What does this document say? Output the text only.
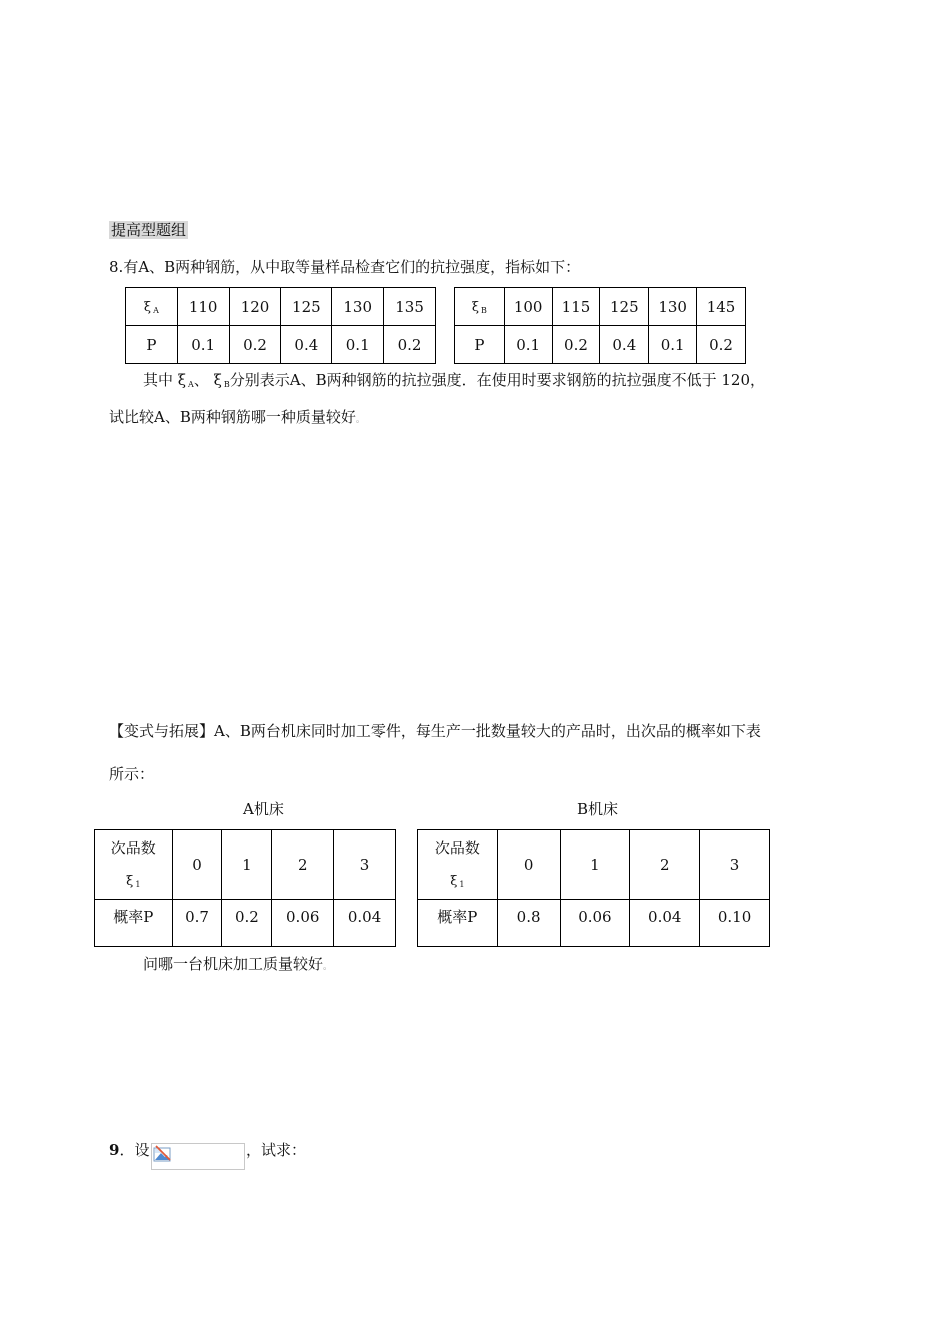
提高型题组
8.有A、B两种钢筋，从中取等量样品检查它们的抗拉强度，指标如下：
ξ $_A$	110	120	125	130	135
P	0.1	0.2	0.4	0.1	0.2
ξ $_B$	100	115	125	130	145
P	0.1	0.2	0.4	0.1	0.2
其中 ξ $_A$、 ξ $_B$分别表示A、B两种钢筋的抗拉强度．在使用时要求钢筋的抗拉强度不低于 120，
试比较A、B两种钢筋哪一种质量较好。
【变式与拓展】A、B两台机床同时加工零件，每生产一批数量较大的产品时，出次品的概率如下表
所示：
A机床	B机床
次品数
ξ $_1$	0	1	2	3
概率P	0.7	0.2	0.06	0.04
次品数
ξ $_1$	0	1	2	3
概率P	0.8	0.06	0.04	0.10
问哪一台机床加工质量较好。
9．设	，试求：
